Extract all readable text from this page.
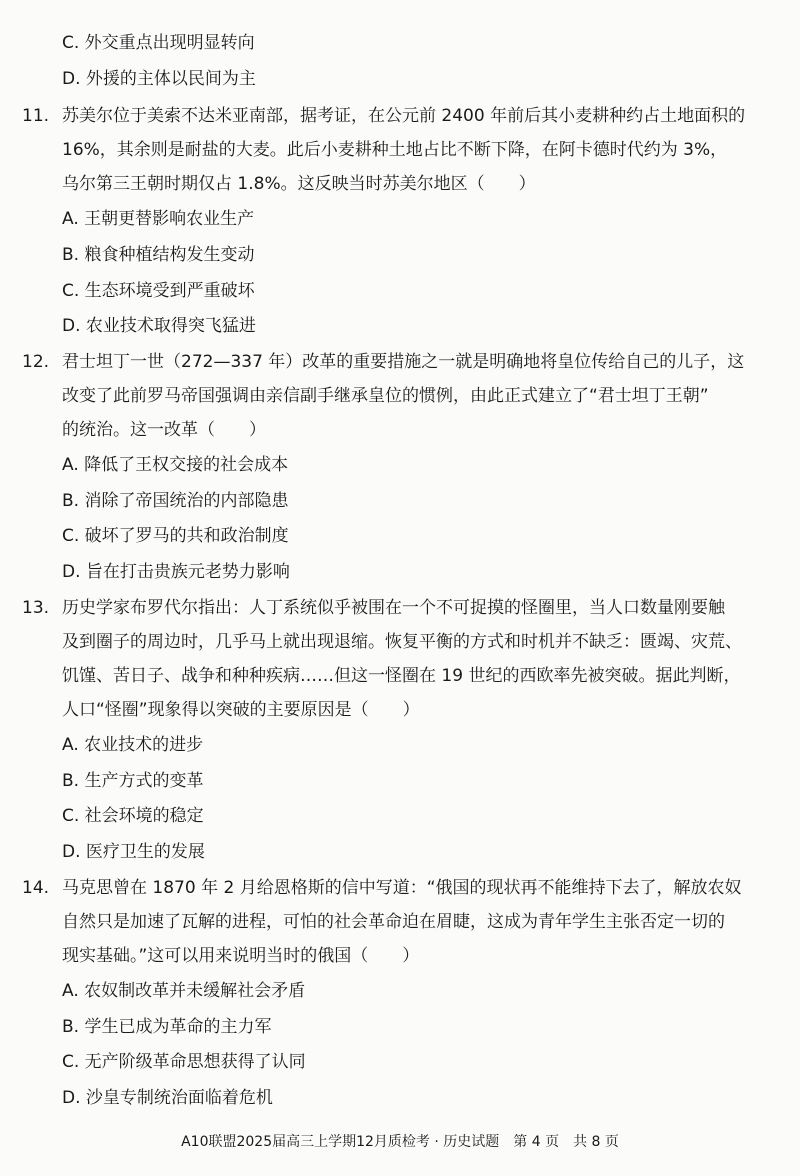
C. 外交重点出现明显转向
D. 外援的主体以民间为主
11. 苏美尔位于美索不达米亚南部，据考证，在公元前 2400 年前后其小麦耕种约占土地面积的
16%，其余则是耐盐的大麦。此后小麦耕种土地占比不断下降，在阿卡德时代约为 3%，
乌尔第三王朝时期仅占 1.8%。这反映当时苏美尔地区（　　）
A. 王朝更替影响农业生产
B. 粮食种植结构发生变动
C. 生态环境受到严重破坏
D. 农业技术取得突飞猛进
12. 君士坦丁一世（272—337 年）改革的重要措施之一就是明确地将皇位传给自己的儿子，这
改变了此前罗马帝国强调由亲信副手继承皇位的惯例，由此正式建立了“君士坦丁王朝”
的统治。这一改革（　　）
A. 降低了王权交接的社会成本
B. 消除了帝国统治的内部隐患
C. 破坏了罗马的共和政治制度
D. 旨在打击贵族元老势力影响
13. 历史学家布罗代尔指出：人丁系统似乎被围在一个不可捉摸的怪圈里，当人口数量刚要触
及到圈子的周边时，几乎马上就出现退缩。恢复平衡的方式和时机并不缺乏：匮竭、灾荒、
饥馑、苦日子、战争和种种疾病……但这一怪圈在 19 世纪的西欧率先被突破。据此判断，
人口“怪圈”现象得以突破的主要原因是（　　）
A. 农业技术的进步
B. 生产方式的变革
C. 社会环境的稳定
D. 医疗卫生的发展
14. 马克思曾在 1870 年 2 月给恩格斯的信中写道：“俄国的现状再不能维持下去了，解放农奴
自然只是加速了瓦解的进程，可怕的社会革命迫在眉睫，这成为青年学生主张否定一切的
现实基础。”这可以用来说明当时的俄国（　　）
A. 农奴制改革并未缓解社会矛盾
B. 学生已成为革命的主力军
C. 无产阶级革命思想获得了认同
D. 沙皇专制统治面临着危机
A10联盟2025届高三上学期12月质检考 · 历史试题　第 4 页　共 8 页
